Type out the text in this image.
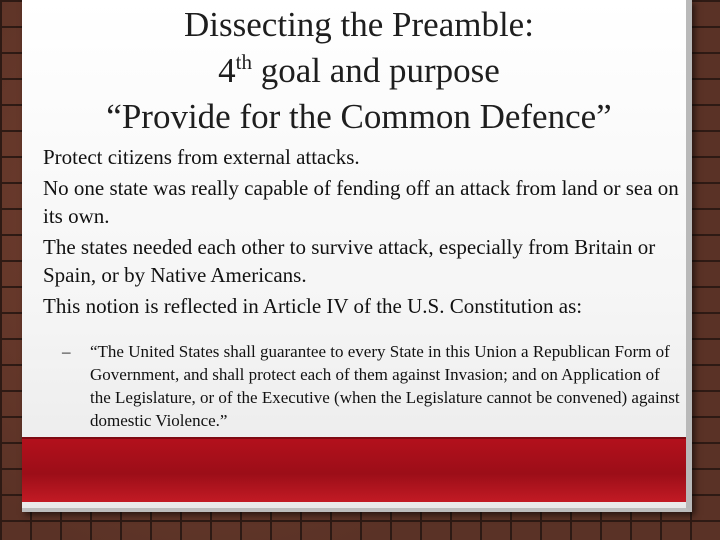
Dissecting the Preamble:
4th goal and purpose
“Provide for the Common Defence”

Protect citizens from external attacks.

No one state was really capable of fending off an attack from land or sea on its own.

The states needed each other to survive attack, especially from Britain or Spain, or by Native Americans.

This notion is reflected in Article IV of the U.S. Constitution as:

– “The United States shall guarantee to every State in this Union a Republican Form of Government, and shall protect each of them against Invasion; and on Application of the Legislature, or of the Executive (when the Legislature cannot be convened) against domestic Violence.”
